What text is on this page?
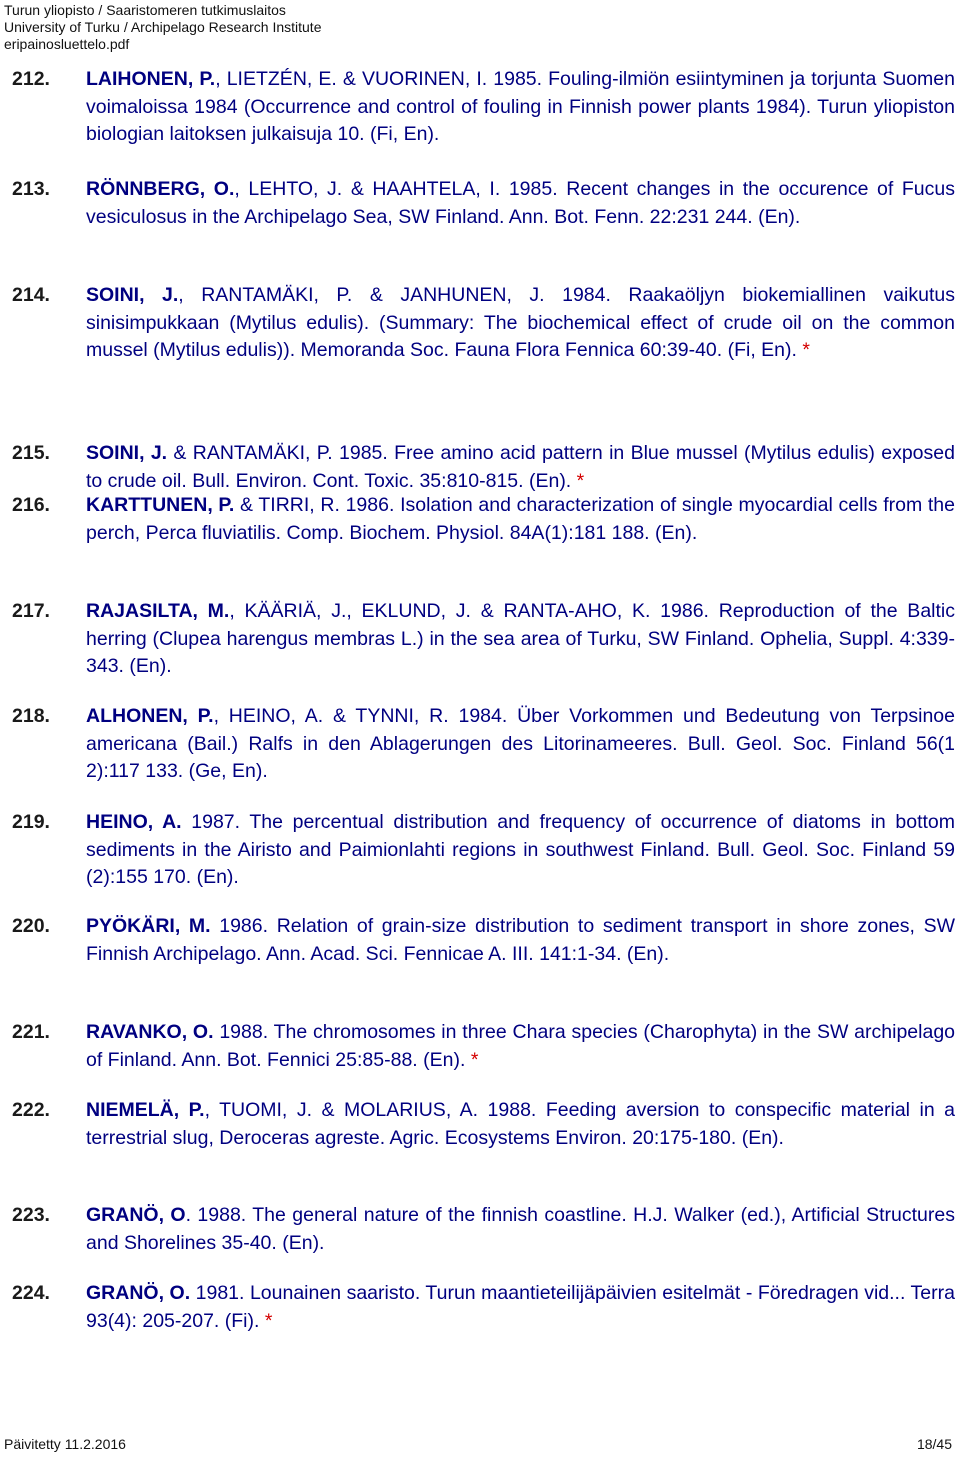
Turun yliopisto / Saaristomeren tutkimuslaitos
University of Turku / Archipelago Research Institute
eripainosluettelo.pdf
212. LAIHONEN, P., LIETZÉN, E. & VUORINEN, I. 1985. Fouling-ilmiön esiintyminen ja torjunta Suomen voimaloissa 1984 (Occurrence and control of fouling in Finnish power plants 1984). Turun yliopiston biologian laitoksen julkaisuja 10. (Fi, En).
213. RÖNNBERG, O., LEHTO, J. & HAAHTELA, I. 1985. Recent changes in the occurence of Fucus vesiculosus in the Archipelago Sea, SW Finland. Ann. Bot. Fenn. 22:231 244. (En).
214. SOINI, J., RANTAMÄKI, P. & JANHUNEN, J. 1984. Raakaöljyn biokemiallinen vaikutus sinisimpukkaan (Mytilus edulis). (Summary: The biochemical effect of crude oil on the common mussel (Mytilus edulis)). Memoranda Soc. Fauna Flora Fennica 60:39-40. (Fi, En). *
215. SOINI, J. & RANTAMÄKI, P. 1985. Free amino acid pattern in Blue mussel (Mytilus edulis) exposed to crude oil. Bull. Environ. Cont. Toxic. 35:810-815. (En). *
216. KARTTUNEN, P. & TIRRI, R. 1986. Isolation and characterization of single myocardial cells from the perch, Perca fluviatilis. Comp. Biochem. Physiol. 84A(1):181 188. (En).
217. RAJASILTA, M., KÄÄRIÄ, J., EKLUND, J. & RANTA-AHO, K. 1986. Reproduction of the Baltic herring (Clupea harengus membras L.) in the sea area of Turku, SW Finland. Ophelia, Suppl. 4:339-343. (En).
218. ALHONEN, P., HEINO, A. & TYNNI, R. 1984. Über Vorkommen und Bedeutung von Terpsinoe americana (Bail.) Ralfs in den Ablagerungen des Litorinameeres. Bull. Geol. Soc. Finland 56(1 2):117 133. (Ge, En).
219. HEINO, A. 1987. The percentual distribution and frequency of occurrence of diatoms in bottom sediments in the Airisto and Paimionlahti regions in southwest Finland. Bull. Geol. Soc. Finland 59 (2):155 170. (En).
220. PYÖKÄRI, M. 1986. Relation of grain-size distribution to sediment transport in shore zones, SW Finnish Archipelago. Ann. Acad. Sci. Fennicae A. III. 141:1-34. (En).
221. RAVANKO, O. 1988. The chromosomes in three Chara species (Charophyta) in the SW archipelago of Finland. Ann. Bot. Fennici 25:85-88. (En). *
222. NIEMELÄ, P., TUOMI, J. & MOLARIUS, A. 1988. Feeding aversion to conspecific material in a terrestrial slug, Deroceras agreste. Agric. Ecosystems Environ. 20:175-180. (En).
223. GRANÖ, O. 1988. The general nature of the finnish coastline. H.J. Walker (ed.), Artificial Structures and Shorelines 35-40. (En).
224. GRANÖ, O. 1981. Lounainen saaristo. Turun maantieteilijäpäivien esitelmät - Föredragen vid... Terra 93(4): 205-207. (Fi). *
Päivitetty 11.2.2016	18/45
